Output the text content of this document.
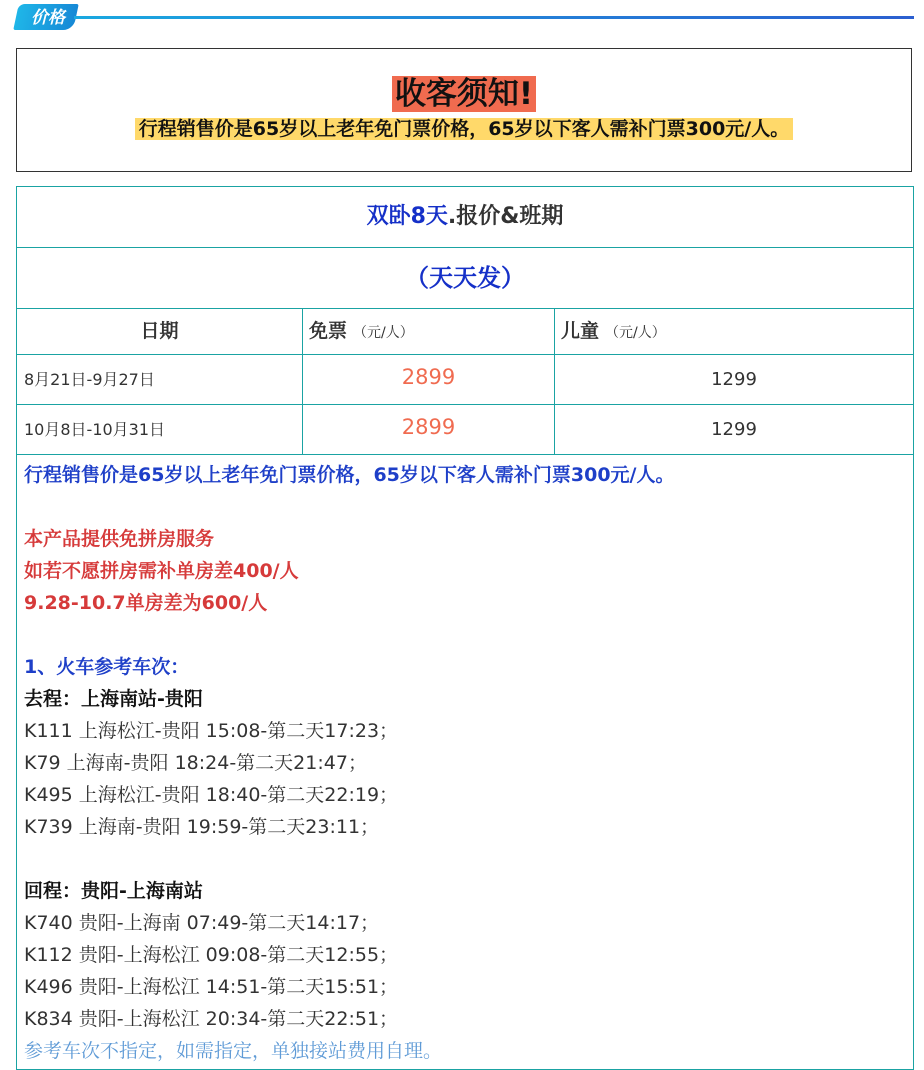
价格
收客须知!
行程销售价是65岁以上老年免门票价格，65岁以下客人需补门票300元/人。
双卧8天.报价&班期
（天天发）
日期	免票 （元/人）	儿童 （元/人）
8月21日-9月27日	2899	1299
10月8日-10月31日	2899	1299
行程销售价是65岁以上老年免门票价格，65岁以下客人需补门票300元/人。
本产品提供免拼房服务
如若不愿拼房需补单房差400/人
9.28-10.7单房差为600/人
1、火车参考车次：
去程：上海南站-贵阳
K111 上海松江-贵阳 15:08-第二天17:23；
K79 上海南-贵阳 18:24-第二天21:47；
K495 上海松江-贵阳 18:40-第二天22:19；
K739 上海南-贵阳 19:59-第二天23:11；
回程：贵阳-上海南站
K740 贵阳-上海南 07:49-第二天14:17；
K112 贵阳-上海松江 09:08-第二天12:55；
K496 贵阳-上海松江 14:51-第二天15:51；
K834 贵阳-上海松江 20:34-第二天22:51；
参考车次不指定，如需指定，单独接站费用自理。
